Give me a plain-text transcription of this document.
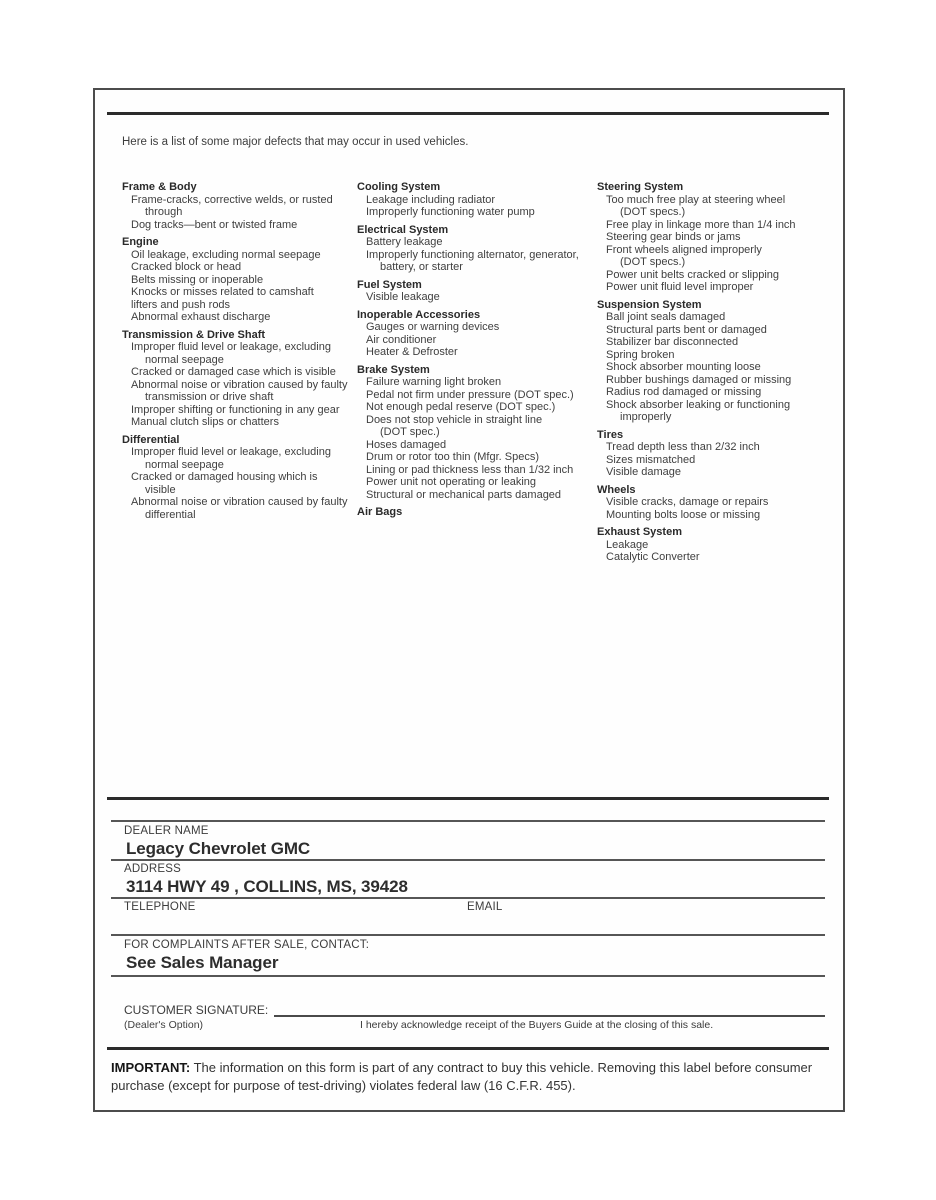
Here is a list of some major defects that may occur in used vehicles.

Frame & Body
Frame-cracks, corrective welds, or rusted
through
Dog tracks—bent or twisted frame
Engine
Oil leakage, excluding normal seepage
Cracked block or head
Belts missing or inoperable
Knocks or misses related to camshaft
lifters and push rods
Abnormal exhaust discharge
Transmission & Drive Shaft
Improper fluid level or leakage, excluding
normal seepage
Cracked or damaged case which is visible
Abnormal noise or vibration caused by faulty
transmission or drive shaft
Improper shifting or functioning in any gear
Manual clutch slips or chatters
Differential
Improper fluid level or leakage, excluding
normal seepage
Cracked or damaged housing which is
visible
Abnormal noise or vibration caused by faulty
differential
Cooling System
Leakage including radiator
Improperly functioning water pump
Electrical System
Battery leakage
Improperly functioning alternator, generator,
battery, or starter
Fuel System
Visible leakage
Inoperable Accessories
Gauges or warning devices
Air conditioner
Heater & Defroster
Brake System
Failure warning light broken
Pedal not firm under pressure (DOT spec.)
Not enough pedal reserve (DOT spec.)
Does not stop vehicle in straight line
(DOT spec.)
Hoses damaged
Drum or rotor too thin (Mfgr. Specs)
Lining or pad thickness less than 1/32 inch
Power unit not operating or leaking
Structural or mechanical parts damaged
Air Bags
Steering System
Too much free play at steering wheel
(DOT specs.)
Free play in linkage more than 1/4 inch
Steering gear binds or jams
Front wheels aligned improperly
(DOT specs.)
Power unit belts cracked or slipping
Power unit fluid level improper
Suspension System
Ball joint seals damaged
Structural parts bent or damaged
Stabilizer bar disconnected
Spring broken
Shock absorber mounting loose
Rubber bushings damaged or missing
Radius rod damaged or missing
Shock absorber leaking or functioning
improperly
Tires
Tread depth less than 2/32 inch
Sizes mismatched
Visible damage
Wheels
Visible cracks, damage or repairs
Mounting bolts loose or missing
Exhaust System
Leakage
Catalytic Converter
DEALER NAME
Legacy Chevrolet GMC
ADDRESS
3114 HWY 49 , COLLINS, MS, 39428
TELEPHONE	EMAIL
FOR COMPLAINTS AFTER SALE, CONTACT:
See Sales Manager
CUSTOMER SIGNATURE:
(Dealer's Option)	I hereby acknowledge receipt of the Buyers Guide at the closing of this sale.

IMPORTANT: The information on this form is part of any contract to buy this vehicle. Removing this label before consumer purchase (except for purpose of test-driving) violates federal law (16 C.F.R. 455).
